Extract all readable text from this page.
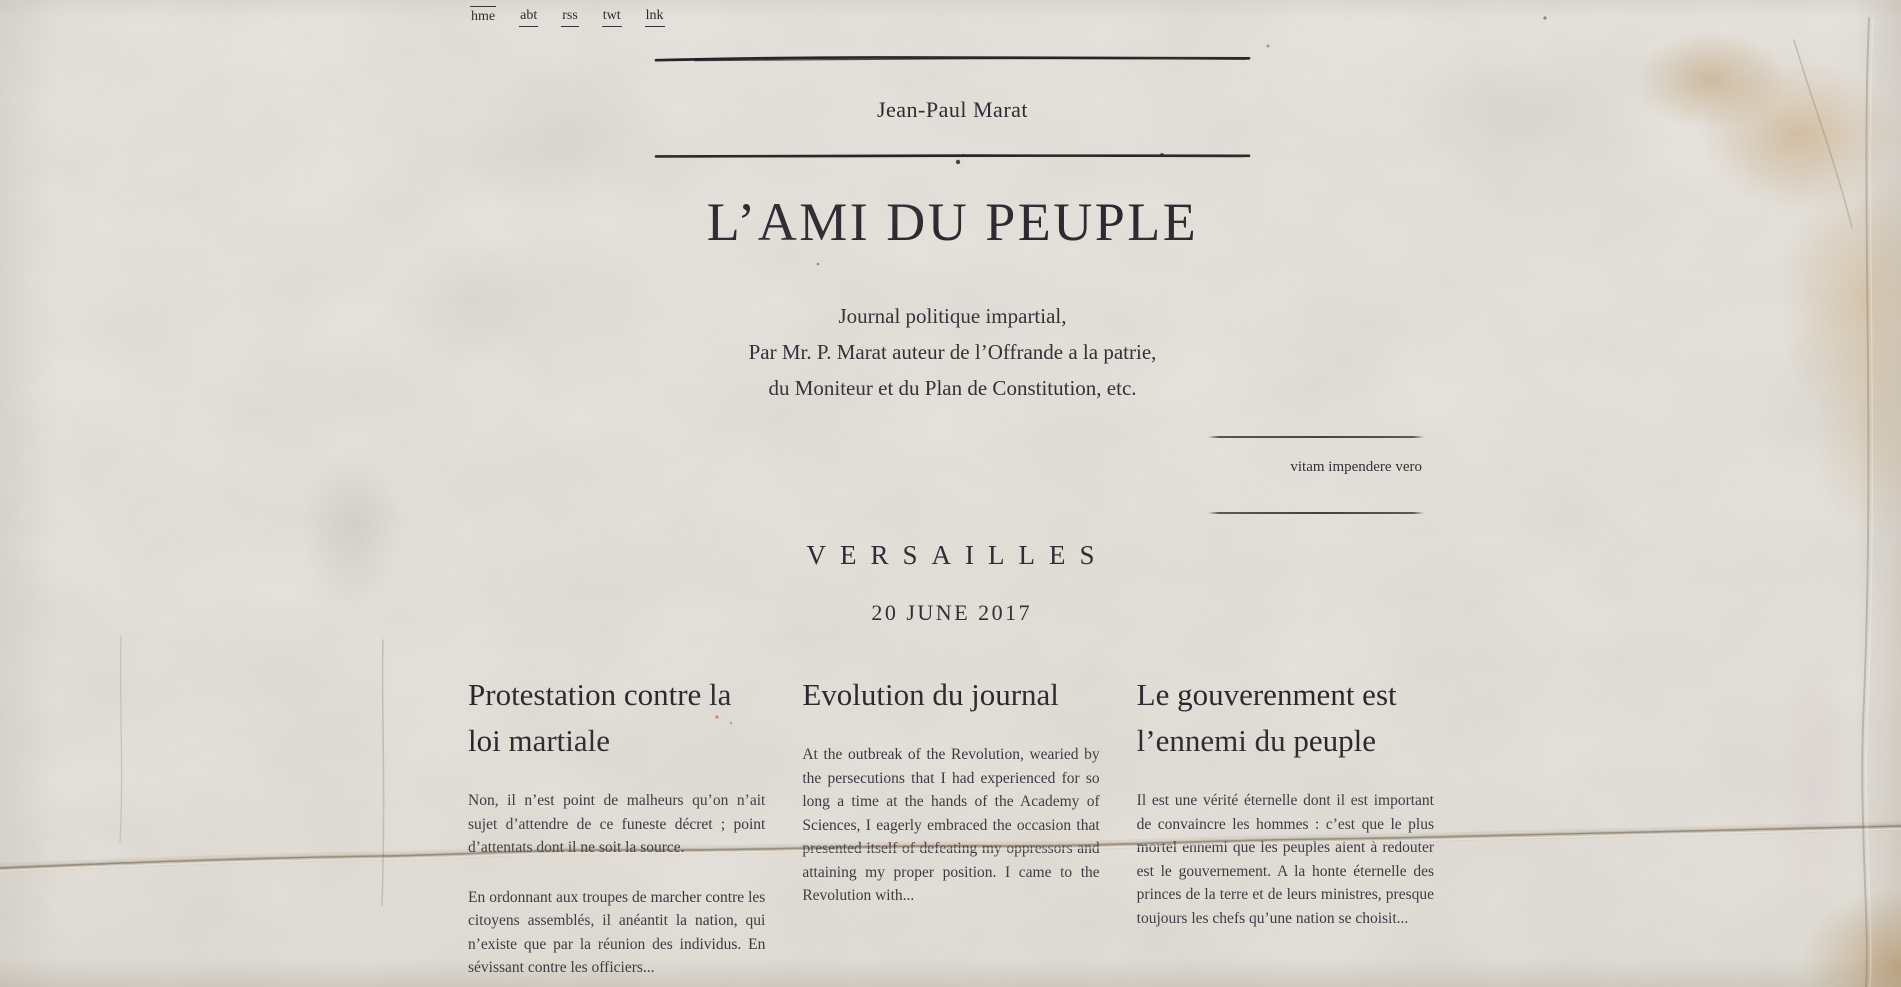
hme abt rss twt lnk
Jean-Paul Marat
L’AMI DU PEUPLE
Journal politique impartial,
Par Mr. P. Marat auteur de l’Offrande a la patrie,
du Moniteur et du Plan de Constitution, etc.
vitam impendere vero
VERSAILLES
20 JUNE 2017
Protestation contre la loi martiale

Non, il n’est point de malheurs qu’on n’ait sujet d’attendre de ce funeste décret ; point d’attentats dont il ne soit la source.

En ordonnant aux troupes de marcher contre les citoyens assemblés, il anéantit la nation, qui n’existe que par la réunion des individus. En sévissant contre les officiers...

Evolution du journal

At the outbreak of the Revolution, wearied by the persecutions that I had experienced for so long a time at the hands of the Academy of Sciences, I eagerly embraced the occasion that presented itself of defeating my oppressors and attaining my proper position. I came to the Revolution with...

Le gouverenment est l’ennemi du peuple

Il est une vérité éternelle dont il est important de convaincre les hommes : c’est que le plus mortel ennemi que les peuples aient à redouter est le gouvernement. A la honte éternelle des princes de la terre et de leurs ministres, presque toujours les chefs qu’une nation se choisit...
